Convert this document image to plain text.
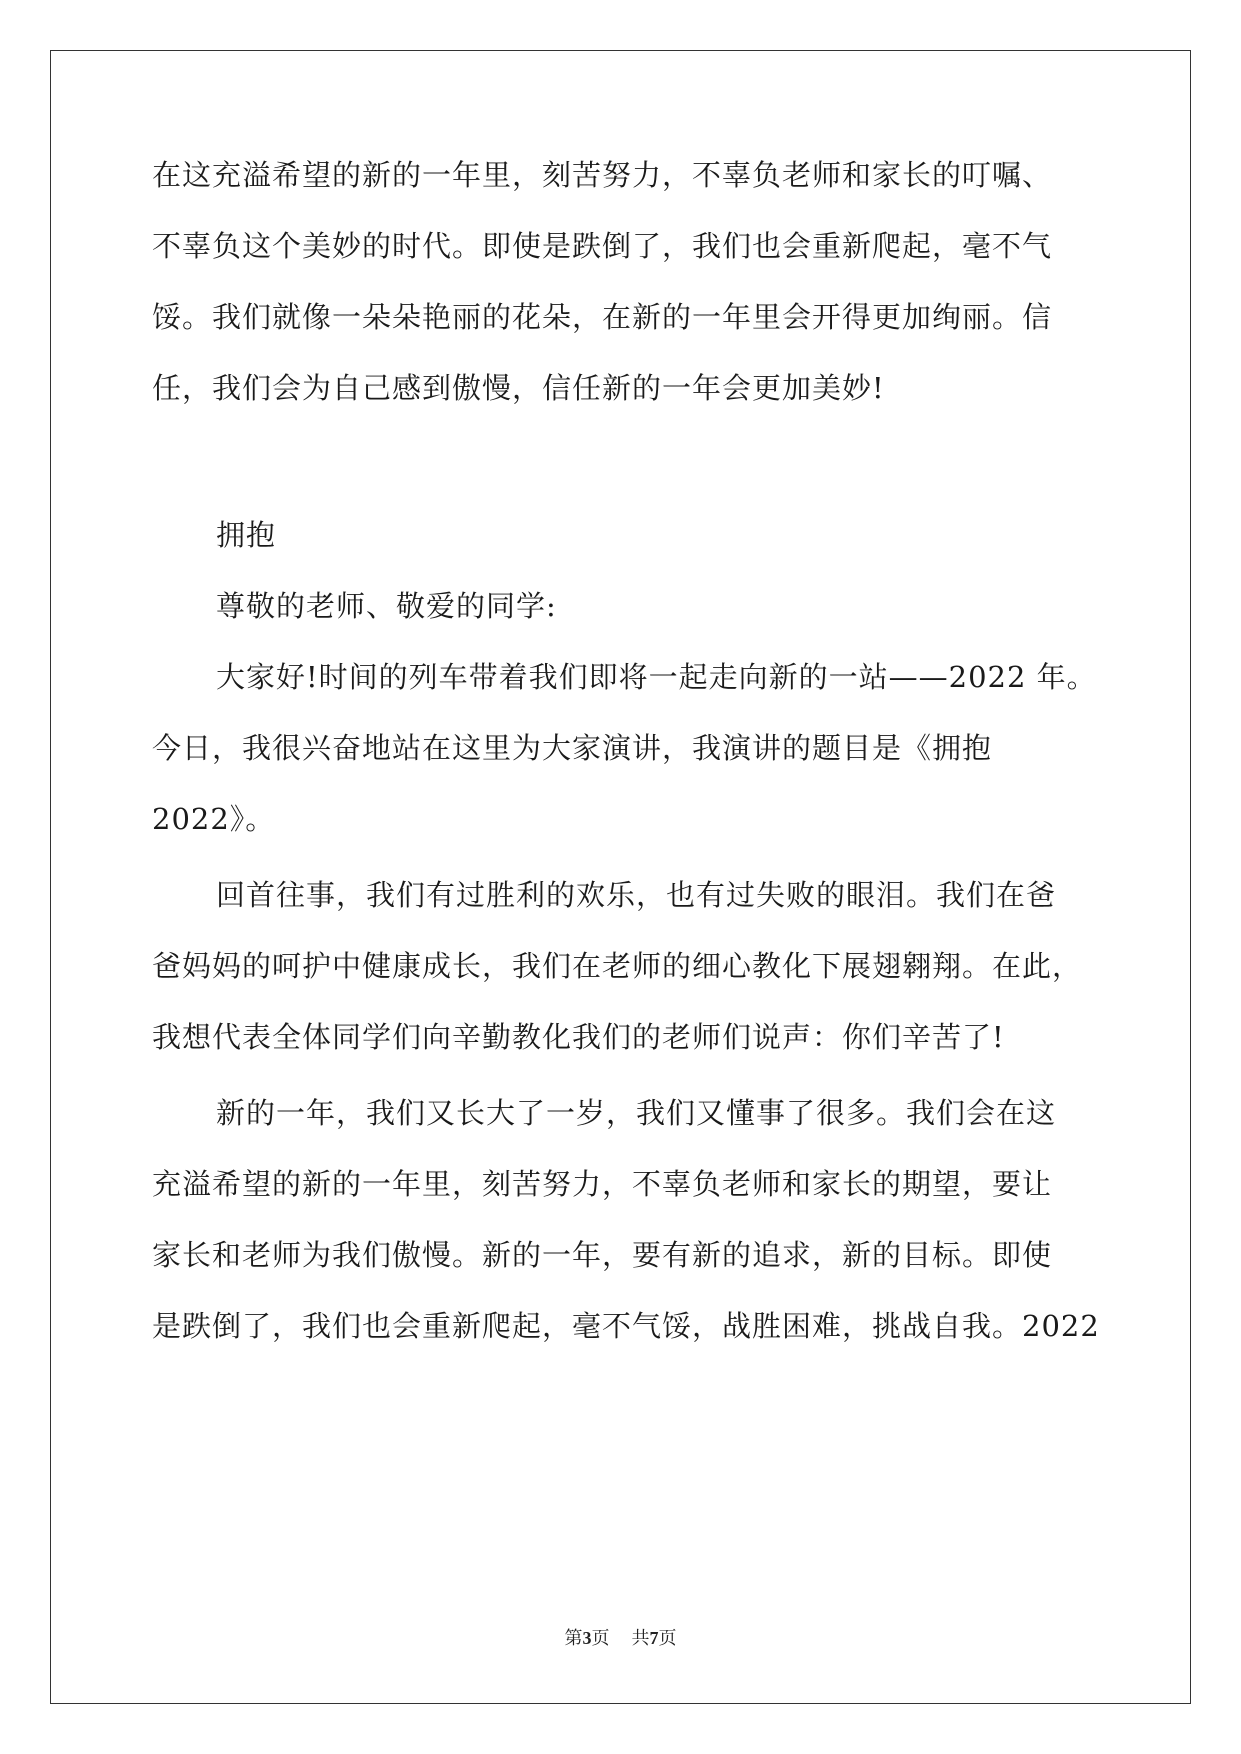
在这充溢希望的新的一年里，刻苦努力，不辜负老师和家长的叮嘱、

不辜负这个美妙的时代。即使是跌倒了，我们也会重新爬起，毫不气

馁。我们就像一朵朵艳丽的花朵，在新的一年里会开得更加绚丽。信

任，我们会为自己感到傲慢，信任新的一年会更加美妙!

拥抱

尊敬的老师、敬爱的同学:

大家好!时间的列车带着我们即将一起走向新的一站——2022 年。

今日，我很兴奋地站在这里为大家演讲，我演讲的题目是《拥抱

2022》。

回首往事，我们有过胜利的欢乐，也有过失败的眼泪。我们在爸

爸妈妈的呵护中健康成长，我们在老师的细心教化下展翅翱翔。在此，

我想代表全体同学们向辛勤教化我们的老师们说声：你们辛苦了!

新的一年，我们又长大了一岁，我们又懂事了很多。我们会在这

充溢希望的新的一年里，刻苦努力，不辜负老师和家长的期望，要让

家长和老师为我们傲慢。新的一年，要有新的追求，新的目标。即使

是跌倒了，我们也会重新爬起，毫不气馁，战胜困难，挑战自我。2022

第3页 共7页
